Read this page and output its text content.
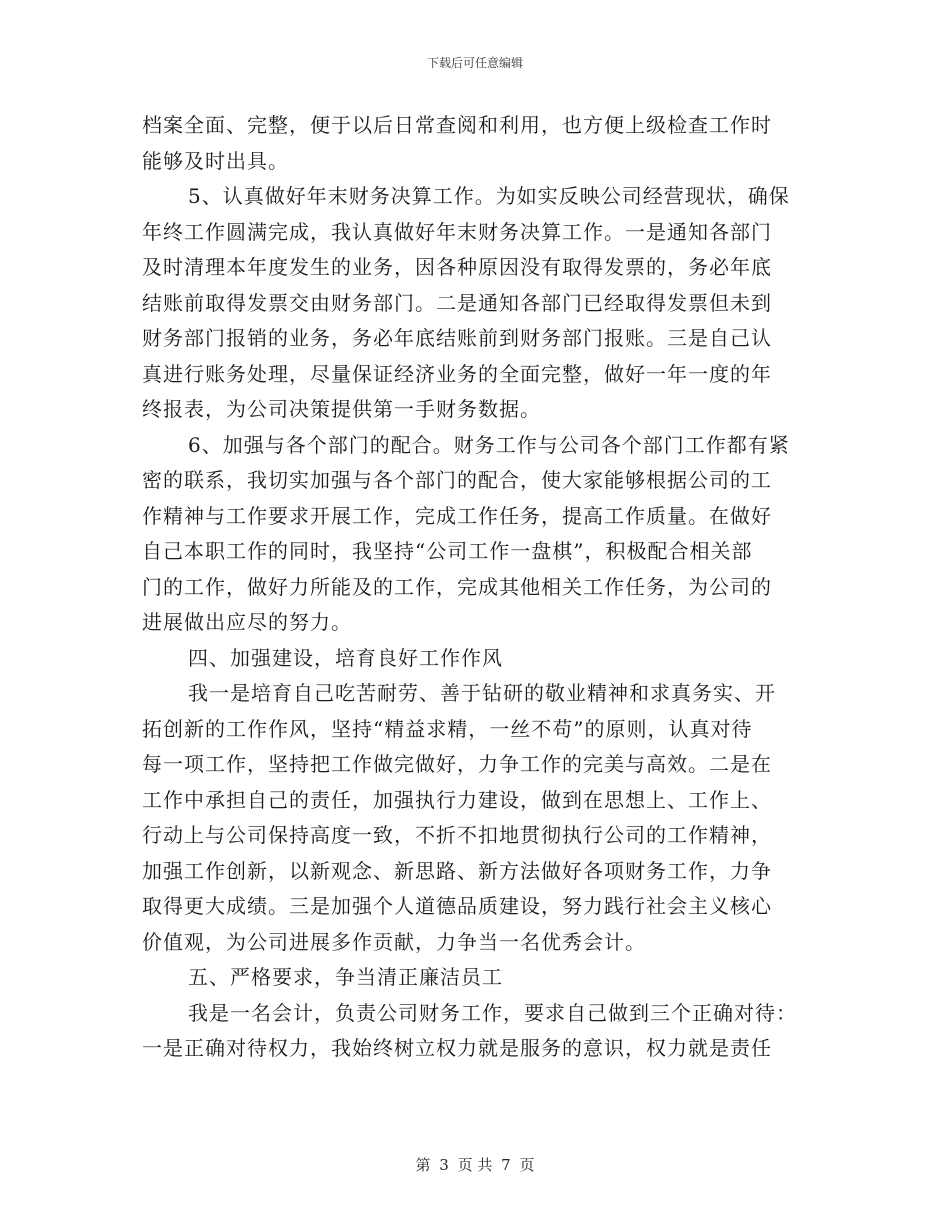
下载后可任意编辑
档案全面、完整，便于以后日常查阅和利用，也方便上级检查工作时
能够及时出具。
5、认真做好年末财务决算工作。为如实反映公司经营现状，确保
年终工作圆满完成，我认真做好年末财务决算工作。一是通知各部门
及时清理本年度发生的业务，因各种原因没有取得发票的，务必年底
结账前取得发票交由财务部门。二是通知各部门已经取得发票但未到
财务部门报销的业务，务必年底结账前到财务部门报账。三是自己认
真进行账务处理，尽量保证经济业务的全面完整，做好一年一度的年
终报表，为公司决策提供第一手财务数据。
6、加强与各个部门的配合。财务工作与公司各个部门工作都有紧
密的联系，我切实加强与各个部门的配合，使大家能够根据公司的工
作精神与工作要求开展工作，完成工作任务，提高工作质量。在做好
自己本职工作的同时，我坚持“公司工作一盘棋”，积极配合相关部
门的工作，做好力所能及的工作，完成其他相关工作任务，为公司的
进展做出应尽的努力。
四、加强建设，培育良好工作作风
我一是培育自己吃苦耐劳、善于钻研的敬业精神和求真务实、开
拓创新的工作作风，坚持“精益求精，一丝不苟”的原则，认真对待
每一项工作，坚持把工作做完做好，力争工作的完美与高效。二是在
工作中承担自己的责任，加强执行力建设，做到在思想上、工作上、
行动上与公司保持高度一致，不折不扣地贯彻执行公司的工作精神，
加强工作创新，以新观念、新思路、新方法做好各项财务工作，力争
取得更大成绩。三是加强个人道德品质建设，努力践行社会主义核心
价值观，为公司进展多作贡献，力争当一名优秀会计。
五、严格要求，争当清正廉洁员工
我是一名会计，负责公司财务工作，要求自己做到三个正确对待：
一是正确对待权力，我始终树立权力就是服务的意识，权力就是责任
第 3 页 共 7 页
